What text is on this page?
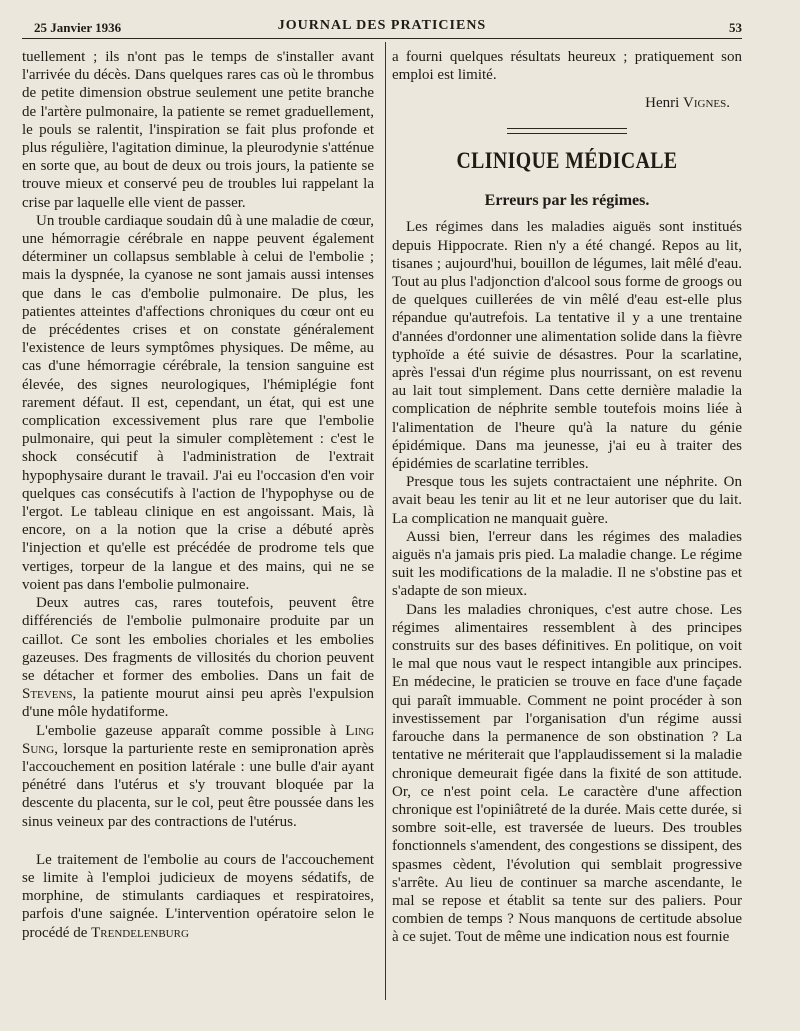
25 Janvier 1936	JOURNAL DES PRATICIENS	53

tuellement ; ils n'ont pas le temps de s'installer avant l'arrivée du décès. Dans quelques rares cas où le thrombus de petite dimension obstrue seulement une petite branche de l'artère pulmonaire, la patiente se remet graduellement, le pouls se ralentit, l'inspiration se fait plus profonde et plus régulière, l'agitation diminue, la pleurodynie s'atténue en sorte que, au bout de deux ou trois jours, la patiente se trouve mieux et conservé peu de troubles lui rappelant la crise par laquelle elle vient de passer.

Un trouble cardiaque soudain dû à une maladie de cœur, une hémorragie cérébrale en nappe peuvent également déterminer un collapsus semblable à celui de l'embolie ; mais la dyspnée, la cyanose ne sont jamais aussi intenses que dans le cas d'embolie pulmonaire. De plus, les patientes atteintes d'affections chroniques du cœur ont eu de précédentes crises et on constate généralement l'existence de leurs symptômes physiques. De même, au cas d'une hémorragie cérébrale, la tension sanguine est élevée, des signes neurologiques, l'hémiplégie font rarement défaut. Il est, cependant, un état, qui est une complication excessivement plus rare que l'embolie pulmonaire, qui peut la simuler complètement : c'est le shock consécutif à l'administration de l'extrait hypophysaire durant le travail. J'ai eu l'occasion d'en voir quelques cas consécutifs à l'action de l'hypophyse ou de l'ergot. Le tableau clinique en est angoissant. Mais, là encore, on a la notion que la crise a débuté après l'injection et qu'elle est précédée de prodrome tels que vertiges, torpeur de la langue et des mains, qui ne se voient pas dans l'embolie pulmonaire.

Deux autres cas, rares toutefois, peuvent être différenciés de l'embolie pulmonaire produite par un caillot. Ce sont les embolies choriales et les embolies gazeuses. Des fragments de villosités du chorion peuvent se détacher et former des embolies. Dans un fait de Stevens, la patiente mourut ainsi peu après l'expulsion d'une môle hydatiforme.

L'embolie gazeuse apparaît comme possible à Ling Sung, lorsque la parturiente reste en semipronation après l'accouchement en position latérale : une bulle d'air ayant pénétré dans l'utérus et s'y trouvant bloquée par la descente du placenta, sur le col, peut être poussée dans les sinus veineux par des contractions de l'utérus.

Le traitement de l'embolie au cours de l'accouchement se limite à l'emploi judicieux de moyens sédatifs, de morphine, de stimulants cardiaques et respiratoires, parfois d'une saignée. L'intervention opératoire selon le procédé de Trendelenburg

a fourni quelques résultats heureux ; pratiquement son emploi est limité.

Henri Vignes.
CLINIQUE MÉDICALE
Erreurs par les régimes.

Les régimes dans les maladies aiguës sont institués depuis Hippocrate. Rien n'y a été changé. Repos au lit, tisanes ; aujourd'hui, bouillon de légumes, lait mêlé d'eau. Tout au plus l'adjonction d'alcool sous forme de groogs ou de quelques cuillerées de vin mêlé d'eau est-elle plus répandue qu'autrefois. La tentative il y a une trentaine d'années d'ordonner une alimentation solide dans la fièvre typhoïde a été suivie de désastres. Pour la scarlatine, après l'essai d'un régime plus nourrissant, on est revenu au lait tout simplement. Dans cette dernière maladie la complication de néphrite semble toutefois moins liée à l'alimentation de l'heure qu'à la nature du génie épidémique. Dans ma jeunesse, j'ai eu à traiter des épidémies de scarlatine terribles.

Presque tous les sujets contractaient une néphrite. On avait beau les tenir au lit et ne leur autoriser que du lait. La complication ne manquait guère.

Aussi bien, l'erreur dans les régimes des maladies aiguës n'a jamais pris pied. La maladie change. Le régime suit les modifications de la maladie. Il ne s'obstine pas et s'adapte de son mieux.

Dans les maladies chroniques, c'est autre chose. Les régimes alimentaires ressemblent à des principes construits sur des bases définitives. En politique, on voit le mal que nous vaut le respect intangible aux principes. En médecine, le praticien se trouve en face d'une façade qui paraît immuable. Comment ne point procéder à son investissement par l'organisation d'un régime aussi farouche dans la permanence de son obstination ? La tentative ne mériterait que l'applaudissement si la maladie chronique demeurait figée dans la fixité de son attitude. Or, ce n'est point cela. Le caractère d'une affection chronique est l'opiniâtreté de la durée. Mais cette durée, si sombre soit-elle, est traversée de lueurs. Des troubles fonctionnels s'amendent, des congestions se dissipent, des spasmes cèdent, l'évolution qui semblait progressive s'arrête. Au lieu de continuer sa marche ascendante, le mal se repose et établit sa tente sur des paliers. Pour combien de temps ? Nous manquons de certitude absolue à ce sujet. Tout de même une indication nous est fournie
